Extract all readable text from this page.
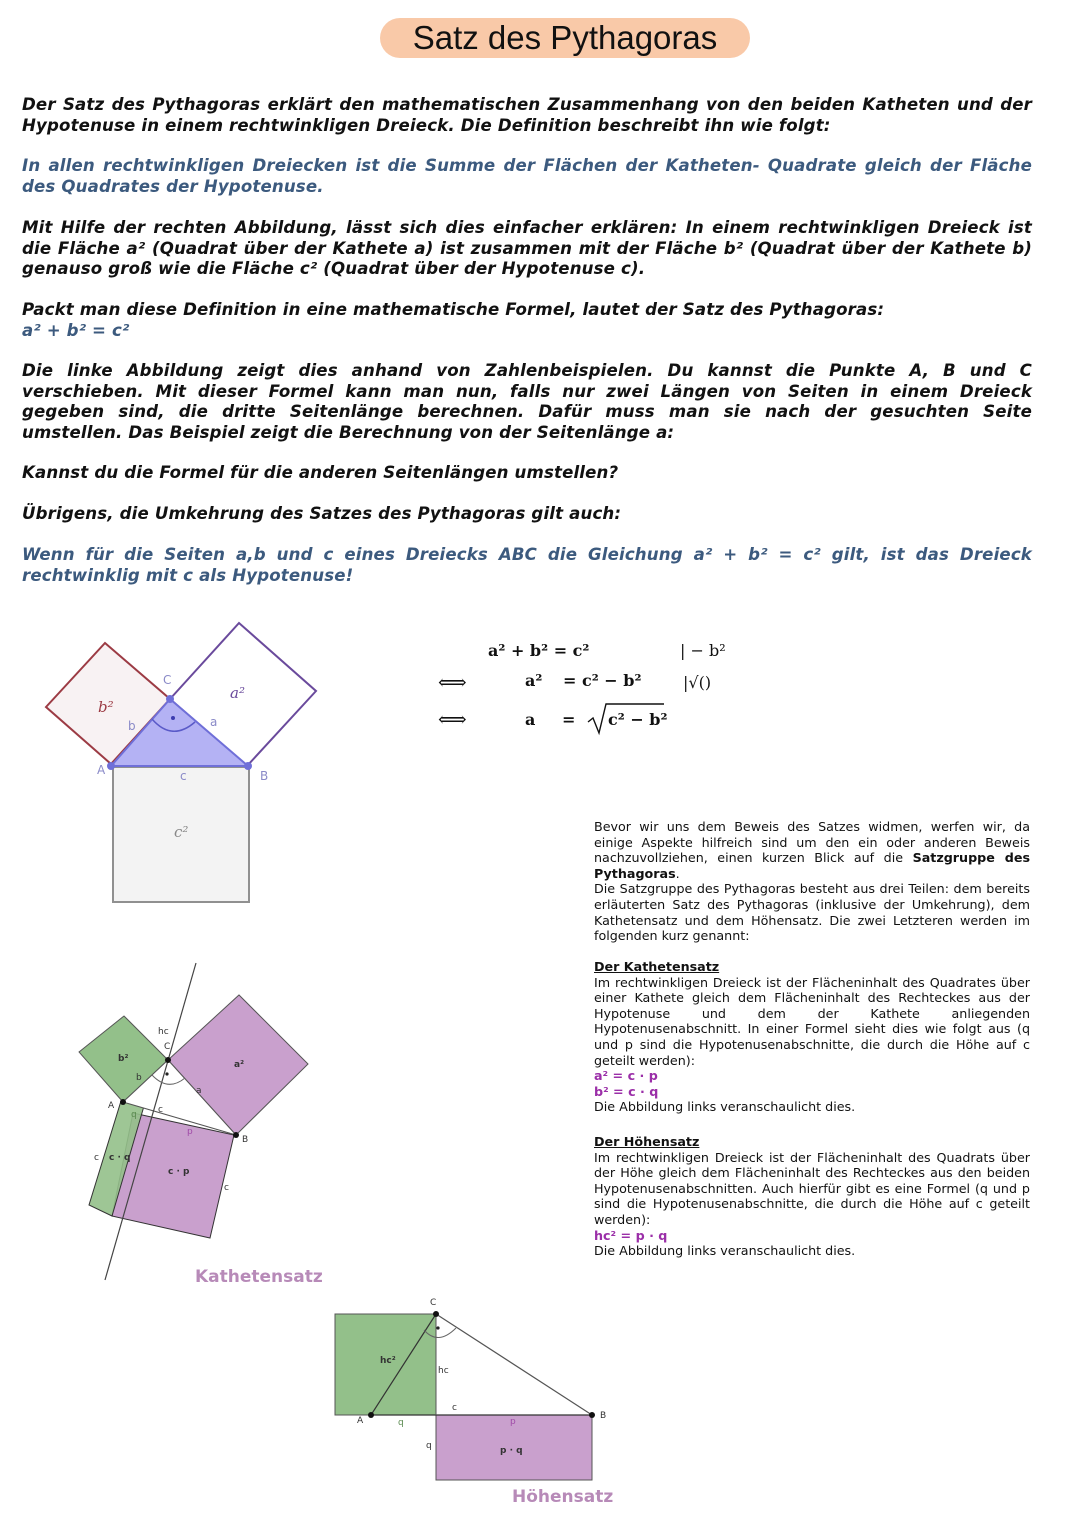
Satz des Pythagoras

Der Satz des Pythagoras erklärt den mathematischen Zusammenhang von den beiden Katheten und der Hypotenuse in einem rechtwinkligen Dreieck. Die Definition beschreibt ihn wie folgt:

In allen rechtwinkligen Dreiecken ist die Summe der Flächen der Katheten- Quadrate gleich der Fläche des Quadrates der Hypotenuse.

Mit Hilfe der rechten Abbildung, lässt sich dies einfacher erklären: In einem rechtwinkligen Dreieck ist die Fläche a² (Quadrat über der Kathete a) ist zusammen mit der Fläche b² (Quadrat über der Kathete b) genauso groß wie die Fläche c² (Quadrat über der Hypotenuse c).

Packt man diese Definition in eine mathematische Formel, lautet der Satz des Pythagoras:
a² + b² = c²

Die linke Abbildung zeigt dies anhand von Zahlenbeispielen. Du kannst die Punkte A, B und C verschieben. Mit dieser Formel kann man nun, falls nur zwei Längen von Seiten in einem Dreieck gegeben sind, die dritte Seitenlänge berechnen. Dafür muss man sie nach der gesuchten Seite umstellen. Das Beispiel zeigt die Berechnung von der Seitenlänge a:

Kannst du die Formel für die anderen Seitenlängen umstellen?

Übrigens, die Umkehrung des Satzes des Pythagoras gilt auch:

Wenn für die Seiten a,b und c eines Dreiecks ABC die Gleichung a² + b² = c² gilt, ist das Dreieck rechtwinklig mit c als Hypotenuse!

b²
a²
c²
A	B
C
a
b
c
a² + b² = c²	| − b²
⟺	a² = c² − b²	|√()
⟺	a = c² − b²
hc
C
b²
a²
b
a
A
B
q c
p
c c · q
c · p
c
C
hc²
hc
A	B
q
c
p
q	p · q
Kathetensatz
Höhensatz
Bevor wir uns dem Beweis des Satzes widmen, werfen wir, da einige Aspekte hilfreich sind um den ein oder anderen Beweis nachzuvollziehen, einen kurzen Blick auf die Satzgruppe des Pythagoras.
Die Satzgruppe des Pythagoras besteht aus drei Teilen: dem bereits erläuterten Satz des Pythagoras (inklusive der Umkehrung), dem Kathetensatz und dem Höhensatz. Die zwei Letzteren werden im folgenden kurz genannt:
Der Kathetensatz
Im rechtwinkligen Dreieck ist der Flächeninhalt des Quadrates über einer Kathete gleich dem Flächeninhalt des Rechteckes aus der Hypotenuse und dem der Kathete anliegenden Hypotenusenabschnitt. In einer Formel sieht dies wie folgt aus (q und p sind die Hypotenusenabschnitte, die durch die Höhe auf c geteilt werden):
a² = c · p
b² = c · q
Die Abbildung links veranschaulicht dies.
Der Höhensatz
Im rechtwinkligen Dreieck ist der Flächeninhalt des Quadrats über der Höhe gleich dem Flächeninhalt des Rechteckes aus den beiden Hypotenusenabschnitten. Auch hierfür gibt es eine Formel (q und p sind die Hypotenusenabschnitte, die durch die Höhe auf c geteilt werden):
hc² = p · q
Die Abbildung links veranschaulicht dies.
